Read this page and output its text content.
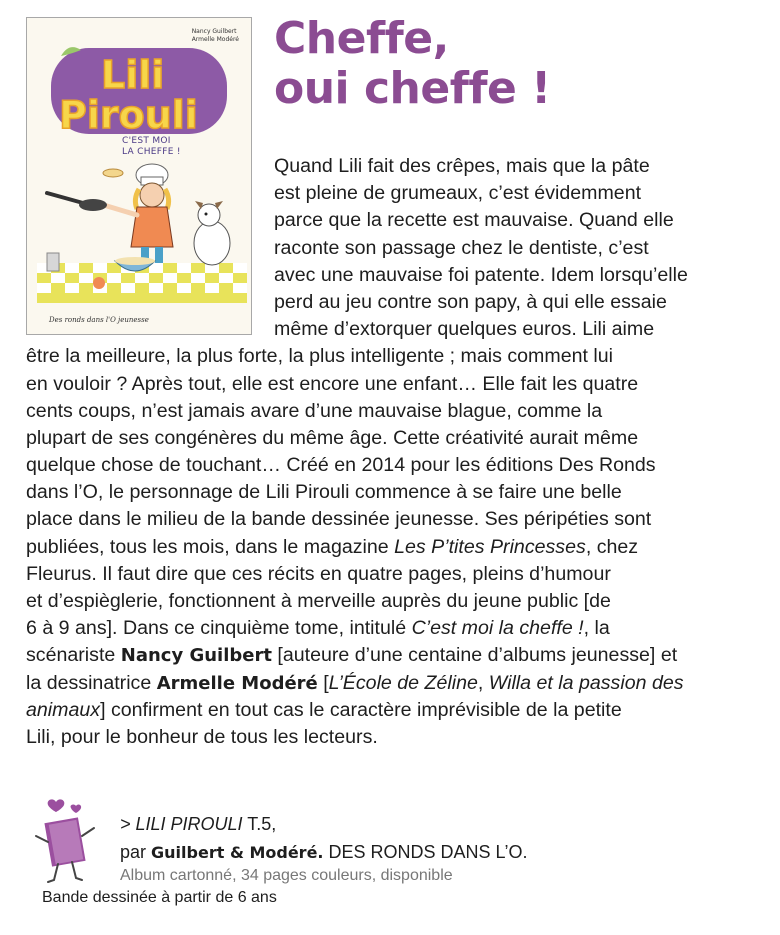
Nancy Guilbert
Armelle Modéré
Lili
Pirouli
C'EST MOI
LA CHEFFE !
Des ronds dans l'O jeunesse
Cheffe,
oui cheffe !
Quand Lili fait des crêpes, mais que la pâte
est pleine de grumeaux, c’est évidemment
parce que la recette est mauvaise. Quand elle
raconte son passage chez le dentiste, c’est
avec une mauvaise foi patente. Idem lorsqu’elle
perd au jeu contre son papy, à qui elle essaie
même d’extorquer quelques euros. Lili aime
être la meilleure, la plus forte, la plus intelligente ; mais comment lui
en vouloir ? Après tout, elle est encore une enfant… Elle fait les quatre
cents coups, n’est jamais avare d’une mauvaise blague, comme la
plupart de ses congénères du même âge. Cette créativité aurait même
quelque chose de touchant… Créé en 2014 pour les éditions Des Ronds
dans l’O, le personnage de Lili Pirouli commence à se faire une belle
place dans le milieu de la bande dessinée jeunesse. Ses péripéties sont
publiées, tous les mois, dans le magazine Les P’tites Princesses, chez
Fleurus. Il faut dire que ces récits en quatre pages, pleins d’humour
et d’espièglerie, fonctionnent à merveille auprès du jeune public [de
6 à 9 ans]. Dans ce cinquième tome, intitulé C’est moi la cheffe !, la
scénariste Nancy Guilbert [auteure d’une centaine d’albums jeunesse] et
la dessinatrice Armelle Modéré [L’École de Zéline, Willa et la passion des
animaux] confirment en tout cas le caractère imprévisible de la petite
Lili, pour le bonheur de tous les lecteurs.
> LILI PIROULI T.5,
par Guilbert & Modéré. DES RONDS DANS L’O.
Album cartonné, 34 pages couleurs, disponible
Bande dessinée à partir de 6 ans
